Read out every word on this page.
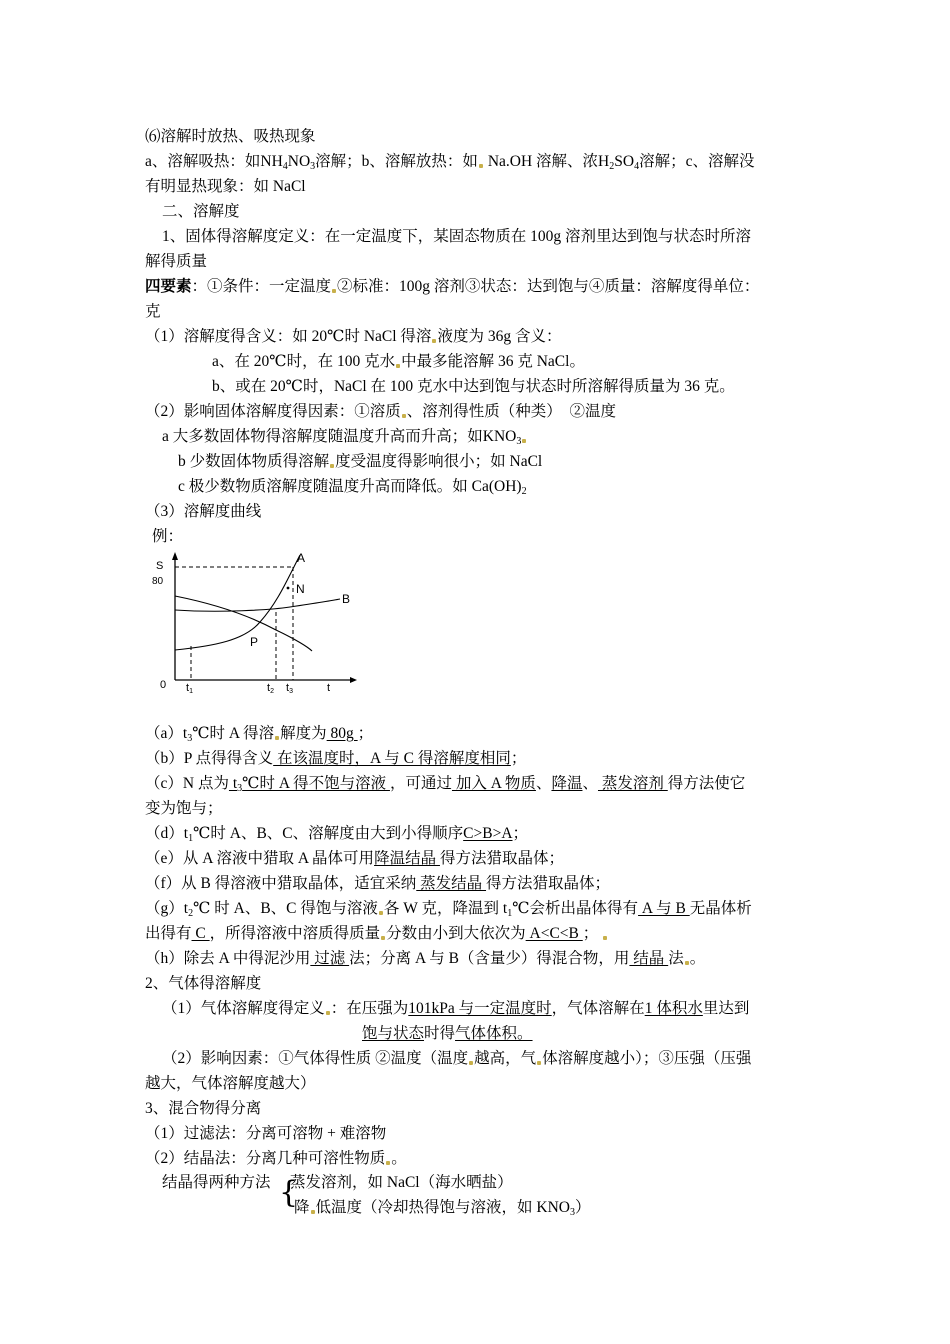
⑹溶解时放热、吸热现象
a、溶解吸热：如$NH_4NO_3$溶解；b、溶解放热：如 Na.OH 溶解、浓$H_2SO_4$溶解；c、溶解没
有明显热现象：如 NaCl
二、溶解度
1、固体得溶解度定义：在一定温度下，某固态物质在 100g 溶剂里达到饱与状态时所溶
解得质量
四要素：①条件：一定温度 ②标准：100g 溶剂③状态：达到饱与④质量：溶解度得单位：
克
（1）溶解度得含义：如 20℃时 NaCl 得溶 液度为 36g 含义：
a、在 20℃时，在 100 克水 中最多能溶解 36 克 NaCl。
b、或在 20℃时，NaCl 在 100 克水中达到饱与状态时所溶解得质量为 36 克。
（2）影响固体溶解度得因素：①溶质 、溶剂得性质（种类）　②温度
a 大多数固体物得溶解度随温度升高而升高；如$KNO_3$
b 少数固体物质得溶解 度受温度得影响很小；如 NaCl
c 极少数物质溶解度随温度升高而降低。如 $Ca(OH)_2$
（3）溶解度曲线
例：
S
80
0	t
t1	t2 t3
A
B
N
P
$(a)t_3℃$时 A 得溶 解度为 80g ；
（b）P 点得得含义 在该温度时，A 与 C 得溶解度相同；
（c）N 点为 $t_3℃$时 A 得不饱与溶液 ，可通过 加入 A 物质、降温、 蒸发溶剂 得方法使它
变为饱与；
$(d)t_1℃$时 A、B、C、溶解度由大到小得顺序C>B>A；
（e）从 A 溶液中猎取 A 晶体可用降温结晶 得方法猎取晶体；
（f）从 B 得溶液中猎取晶体，适宜采纳 蒸发结晶 得方法猎取晶体；
$(g)t_2℃$ 时 A、B、C 得饱与溶液 各 W 克，降温到 $t_1℃$会析出晶体得有 A 与 B 无晶体析
出得有 C ，所得溶液中溶质得质量 分数由小到大依次为 A<C<B ；
（h）除去 A 中得泥沙用 过滤 法；分离 A 与 B（含量少）得混合物，用 结晶 法 。
2、气体得溶解度
（1）气体溶解度得定义 ：在压强为101kPa 与一定温度时，气体溶解在1 体积水里达到
饱与状态时得气体体积。
（2）影响因素：①气体得性质 ②温度（温度 越高，气 体溶解度越小）；③压强（压强
越大，气体溶解度越大）
3、混合物得分离
（1）过滤法：分离可溶物 + 难溶物
（2）结晶法：分离几种可溶性物质 。
结晶得两种方法 {
蒸发溶剂，如 NaCl（海水晒盐）
降 低温度（冷却热得饱与溶液，如 $KNO_3$）
